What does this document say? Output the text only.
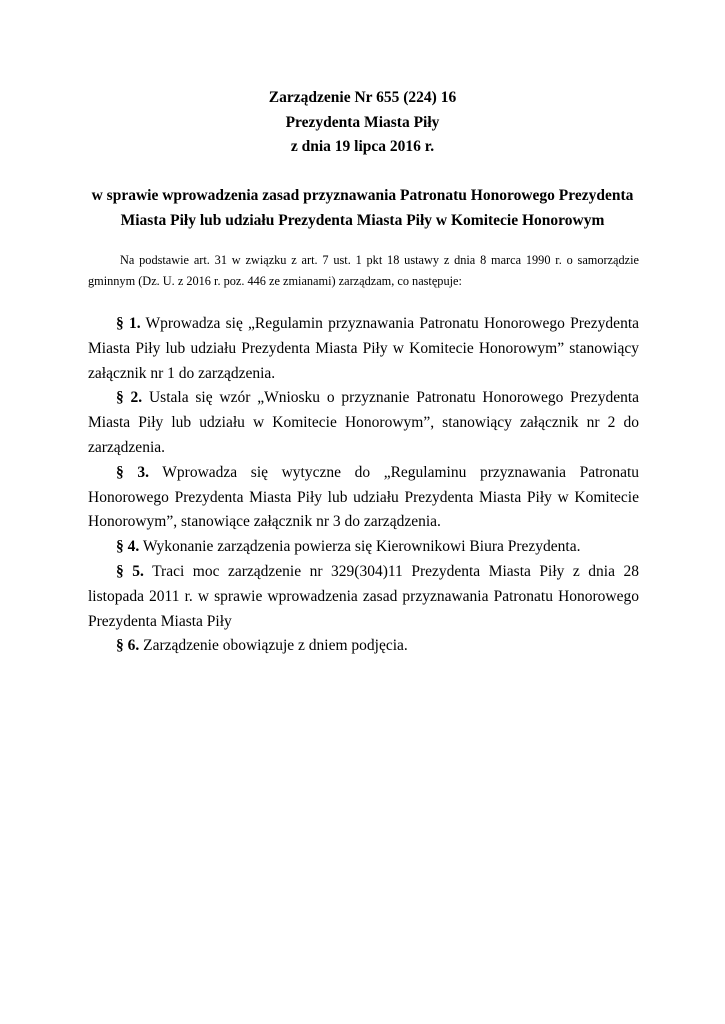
Zarządzenie Nr 655 (224) 16
Prezydenta Miasta Piły
z dnia 19 lipca 2016 r.
w sprawie wprowadzenia zasad przyznawania Patronatu Honorowego Prezydenta
Miasta Piły lub udziału Prezydenta Miasta Piły w Komitecie Honorowym

Na podstawie art. 31 w związku z art. 7 ust. 1 pkt 18 ustawy z dnia 8 marca 1990 r. o samorządzie gminnym (Dz. U. z 2016 r. poz. 446 ze zmianami) zarządzam, co następuje:

§ 1. Wprowadza się „Regulamin przyznawania Patronatu Honorowego Prezydenta Miasta Piły lub udziału Prezydenta Miasta Piły w Komitecie Honorowym” stanowiący załącznik nr 1 do zarządzenia.

§ 2. Ustala się wzór „Wniosku o przyznanie Patronatu Honorowego Prezydenta Miasta Piły lub udziału w Komitecie Honorowym”, stanowiący załącznik nr 2 do zarządzenia.

§ 3. Wprowadza się wytyczne do „Regulaminu przyznawania Patronatu Honorowego Prezydenta Miasta Piły lub udziału Prezydenta Miasta Piły w Komitecie Honorowym”, stanowiące załącznik nr 3 do zarządzenia.

§ 4. Wykonanie zarządzenia powierza się Kierownikowi Biura Prezydenta.

§ 5. Traci moc zarządzenie nr 329(304)11 Prezydenta Miasta Piły z dnia 28 listopada 2011 r. w sprawie wprowadzenia zasad przyznawania Patronatu Honorowego Prezydenta Miasta Piły

§ 6. Zarządzenie obowiązuje z dniem podjęcia.
